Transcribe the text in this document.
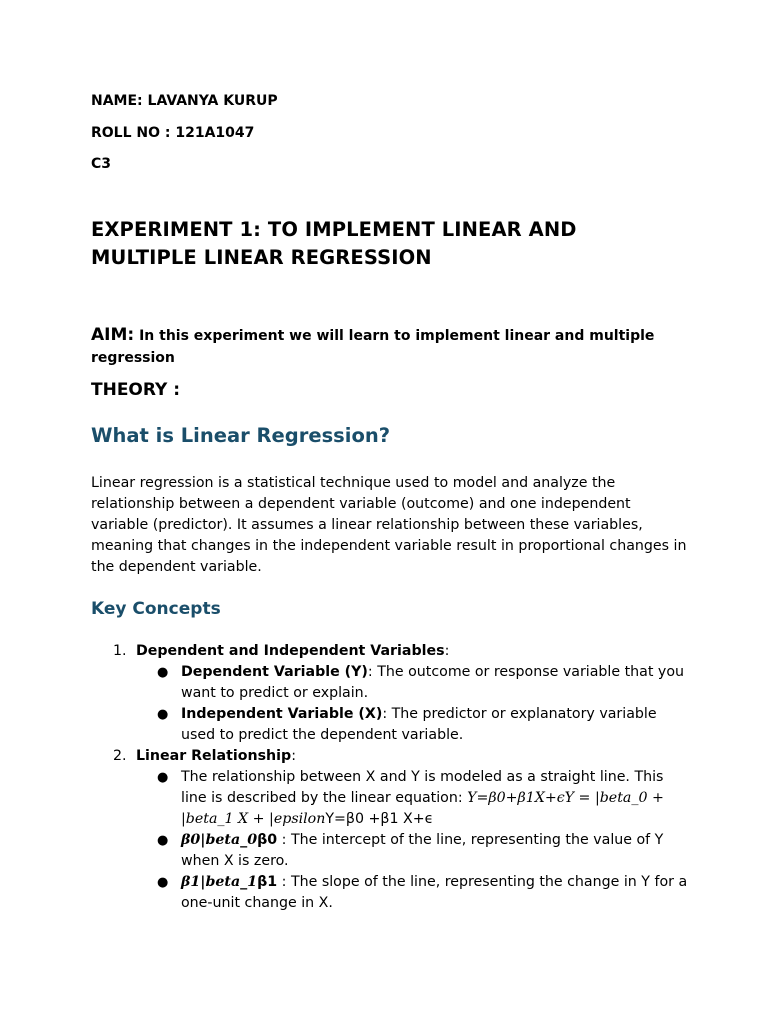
NAME: LAVANYA KURUP

ROLL NO : 121A1047

C3

EXPERIMENT 1: TO IMPLEMENT LINEAR AND
MULTIPLE LINEAR REGRESSION

AIM: In this experiment we will learn to implement linear and multiple regression

THEORY :

What is Linear Regression?

Linear regression is a statistical technique used to model and analyze the relationship between a dependent variable (outcome) and one independent variable (predictor). It assumes a linear relationship between these variables, meaning that changes in the independent variable result in proportional changes in the dependent variable.

Key Concepts
1. Dependent and Independent Variables:
● Dependent Variable (Y): The outcome or response variable that you want to predict or explain.
● Independent Variable (X): The predictor or explanatory variable used to predict the dependent variable.
2. Linear Relationship:
● The relationship between X and Y is modeled as a straight line. This line is described by the linear equation: Y=β0+β1X+ϵY = |beta_0 + |beta_1 X + |epsilonY=β0 +β1 X+ϵ
● β0|beta_0β0 : The intercept of the line, representing the value of Y when X is zero.
● β1|beta_1β1 : The slope of the line, representing the change in Y for a one-unit change in X.
